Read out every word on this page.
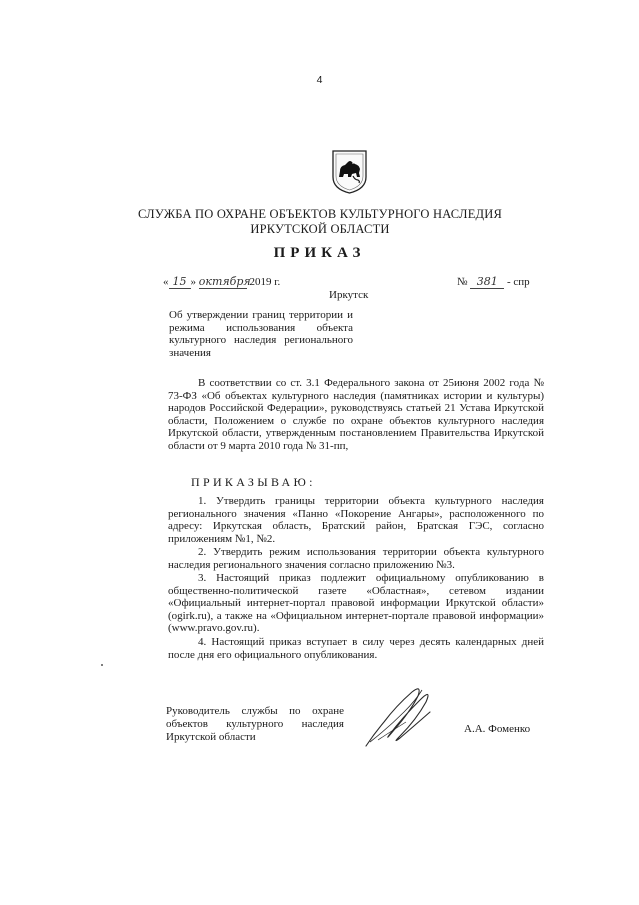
4
СЛУЖБА ПО ОХРАНЕ ОБЪЕКТОВ КУЛЬТУРНОГО НАСЛЕДИЯ
ИРКУТСКОЙ ОБЛАСТИ
ПРИКАЗ
« 15 » октября 2019 г.	№ 381 - спр
Иркутск
Об утверждении границ территории и режима использования объекта культурного наследия регионального значения
В соответствии со ст. 3.1 Федерального закона от 25июня 2002 года № 73-ФЗ «Об объектах культурного наследия (памятниках истории и культуры) народов Российской Федерации», руководствуясь статьей 21 Устава Иркутской области, Положением о службе по охране объектов культурного наследия Иркутской области, утвержденным постановлением Правительства Иркутской области от 9 марта 2010 года № 31-пп,
ПРИКАЗЫВАЮ:
1. Утвердить границы территории объекта культурного наследия регионального значения «Панно «Покорение Ангары», расположенного по адресу: Иркутская область, Братский район, Братская ГЭС, согласно приложениям №1, №2.
2. Утвердить режим использования территории объекта культурного наследия регионального значения согласно приложению №3.
3. Настоящий приказ подлежит официальному опубликованию в общественно-политической газете «Областная», сетевом издании «Официальный интернет-портал правовой информации Иркутской области» (ogirk.ru), а также на «Официальном интернет-портале правовой информации» (www.pravo.gov.ru).
4. Настоящий приказ вступает в силу через десять календарных дней после дня его официального опубликования.
Руководитель службы по охране
объектов культурного наследия
Иркутской области
А.А. Фоменко
